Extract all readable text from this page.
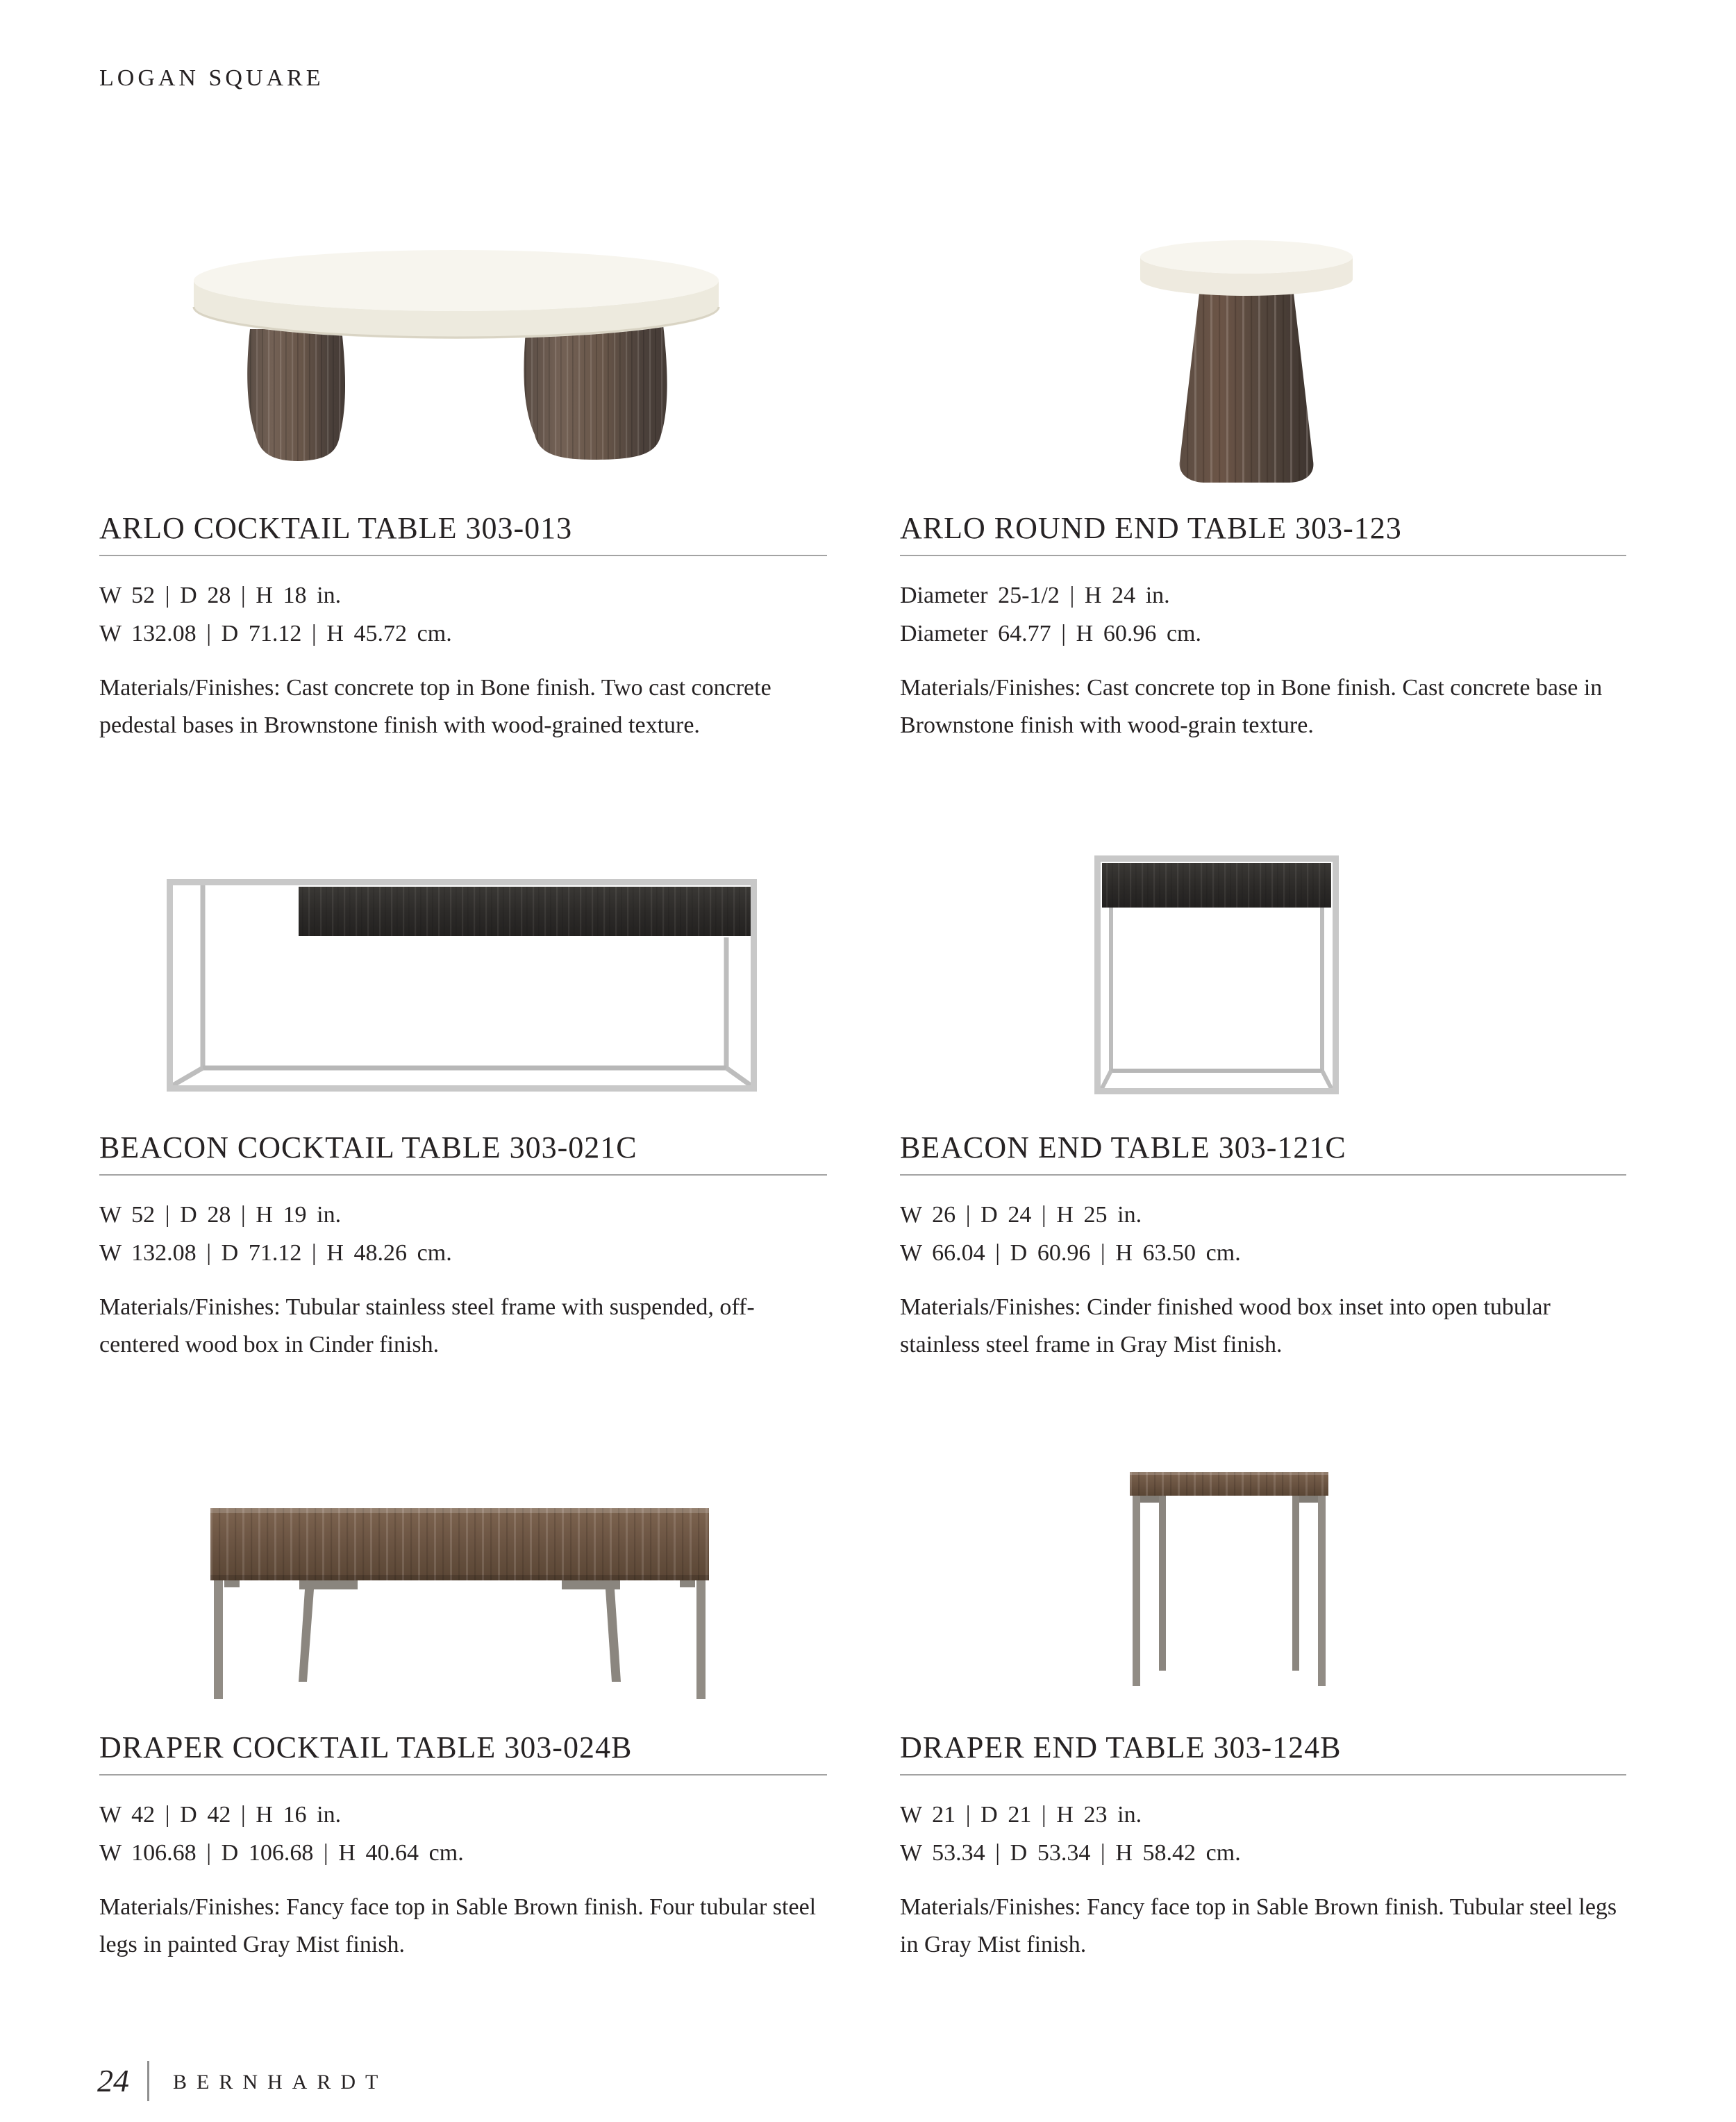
LOGAN SQUARE
ARLO COCKTAIL TABLE 303-013
W 52 | D 28 | H 18 in.
W 132.08 | D 71.12 | H 45.72 cm.

Materials/Finishes: Cast concrete top in Bone finish. Two cast concrete pedestal bases in Brownstone finish with wood-grained texture.

ARLO ROUND END TABLE 303-123
Diameter 25-1/2 | H 24 in.
Diameter 64.77 | H 60.96 cm.

Materials/Finishes: Cast concrete top in Bone finish. Cast concrete base in Brownstone finish with wood-grain texture.

BEACON COCKTAIL TABLE 303-021C
W 52 | D 28 | H 19 in.
W 132.08 | D 71.12 | H 48.26 cm.

Materials/Finishes: Tubular stainless steel frame with suspended, off-centered wood box in Cinder finish.

BEACON END TABLE 303-121C
W 26 | D 24 | H 25 in.
W 66.04 | D 60.96 | H 63.50 cm.

Materials/Finishes: Cinder finished wood box inset into open tubular stainless steel frame in Gray Mist finish.

DRAPER COCKTAIL TABLE 303-024B
W 42 | D 42 | H 16 in.
W 106.68 | D 106.68 | H 40.64 cm.

Materials/Finishes: Fancy face top in Sable Brown finish. Four tubular steel legs in painted Gray Mist finish.

DRAPER END TABLE 303-124B
W 21 | D 21 | H 23 in.
W 53.34 | D 53.34 | H 58.42 cm.

Materials/Finishes: Fancy face top in Sable Brown finish. Tubular steel legs in Gray Mist finish.

24 BERNHARDT
